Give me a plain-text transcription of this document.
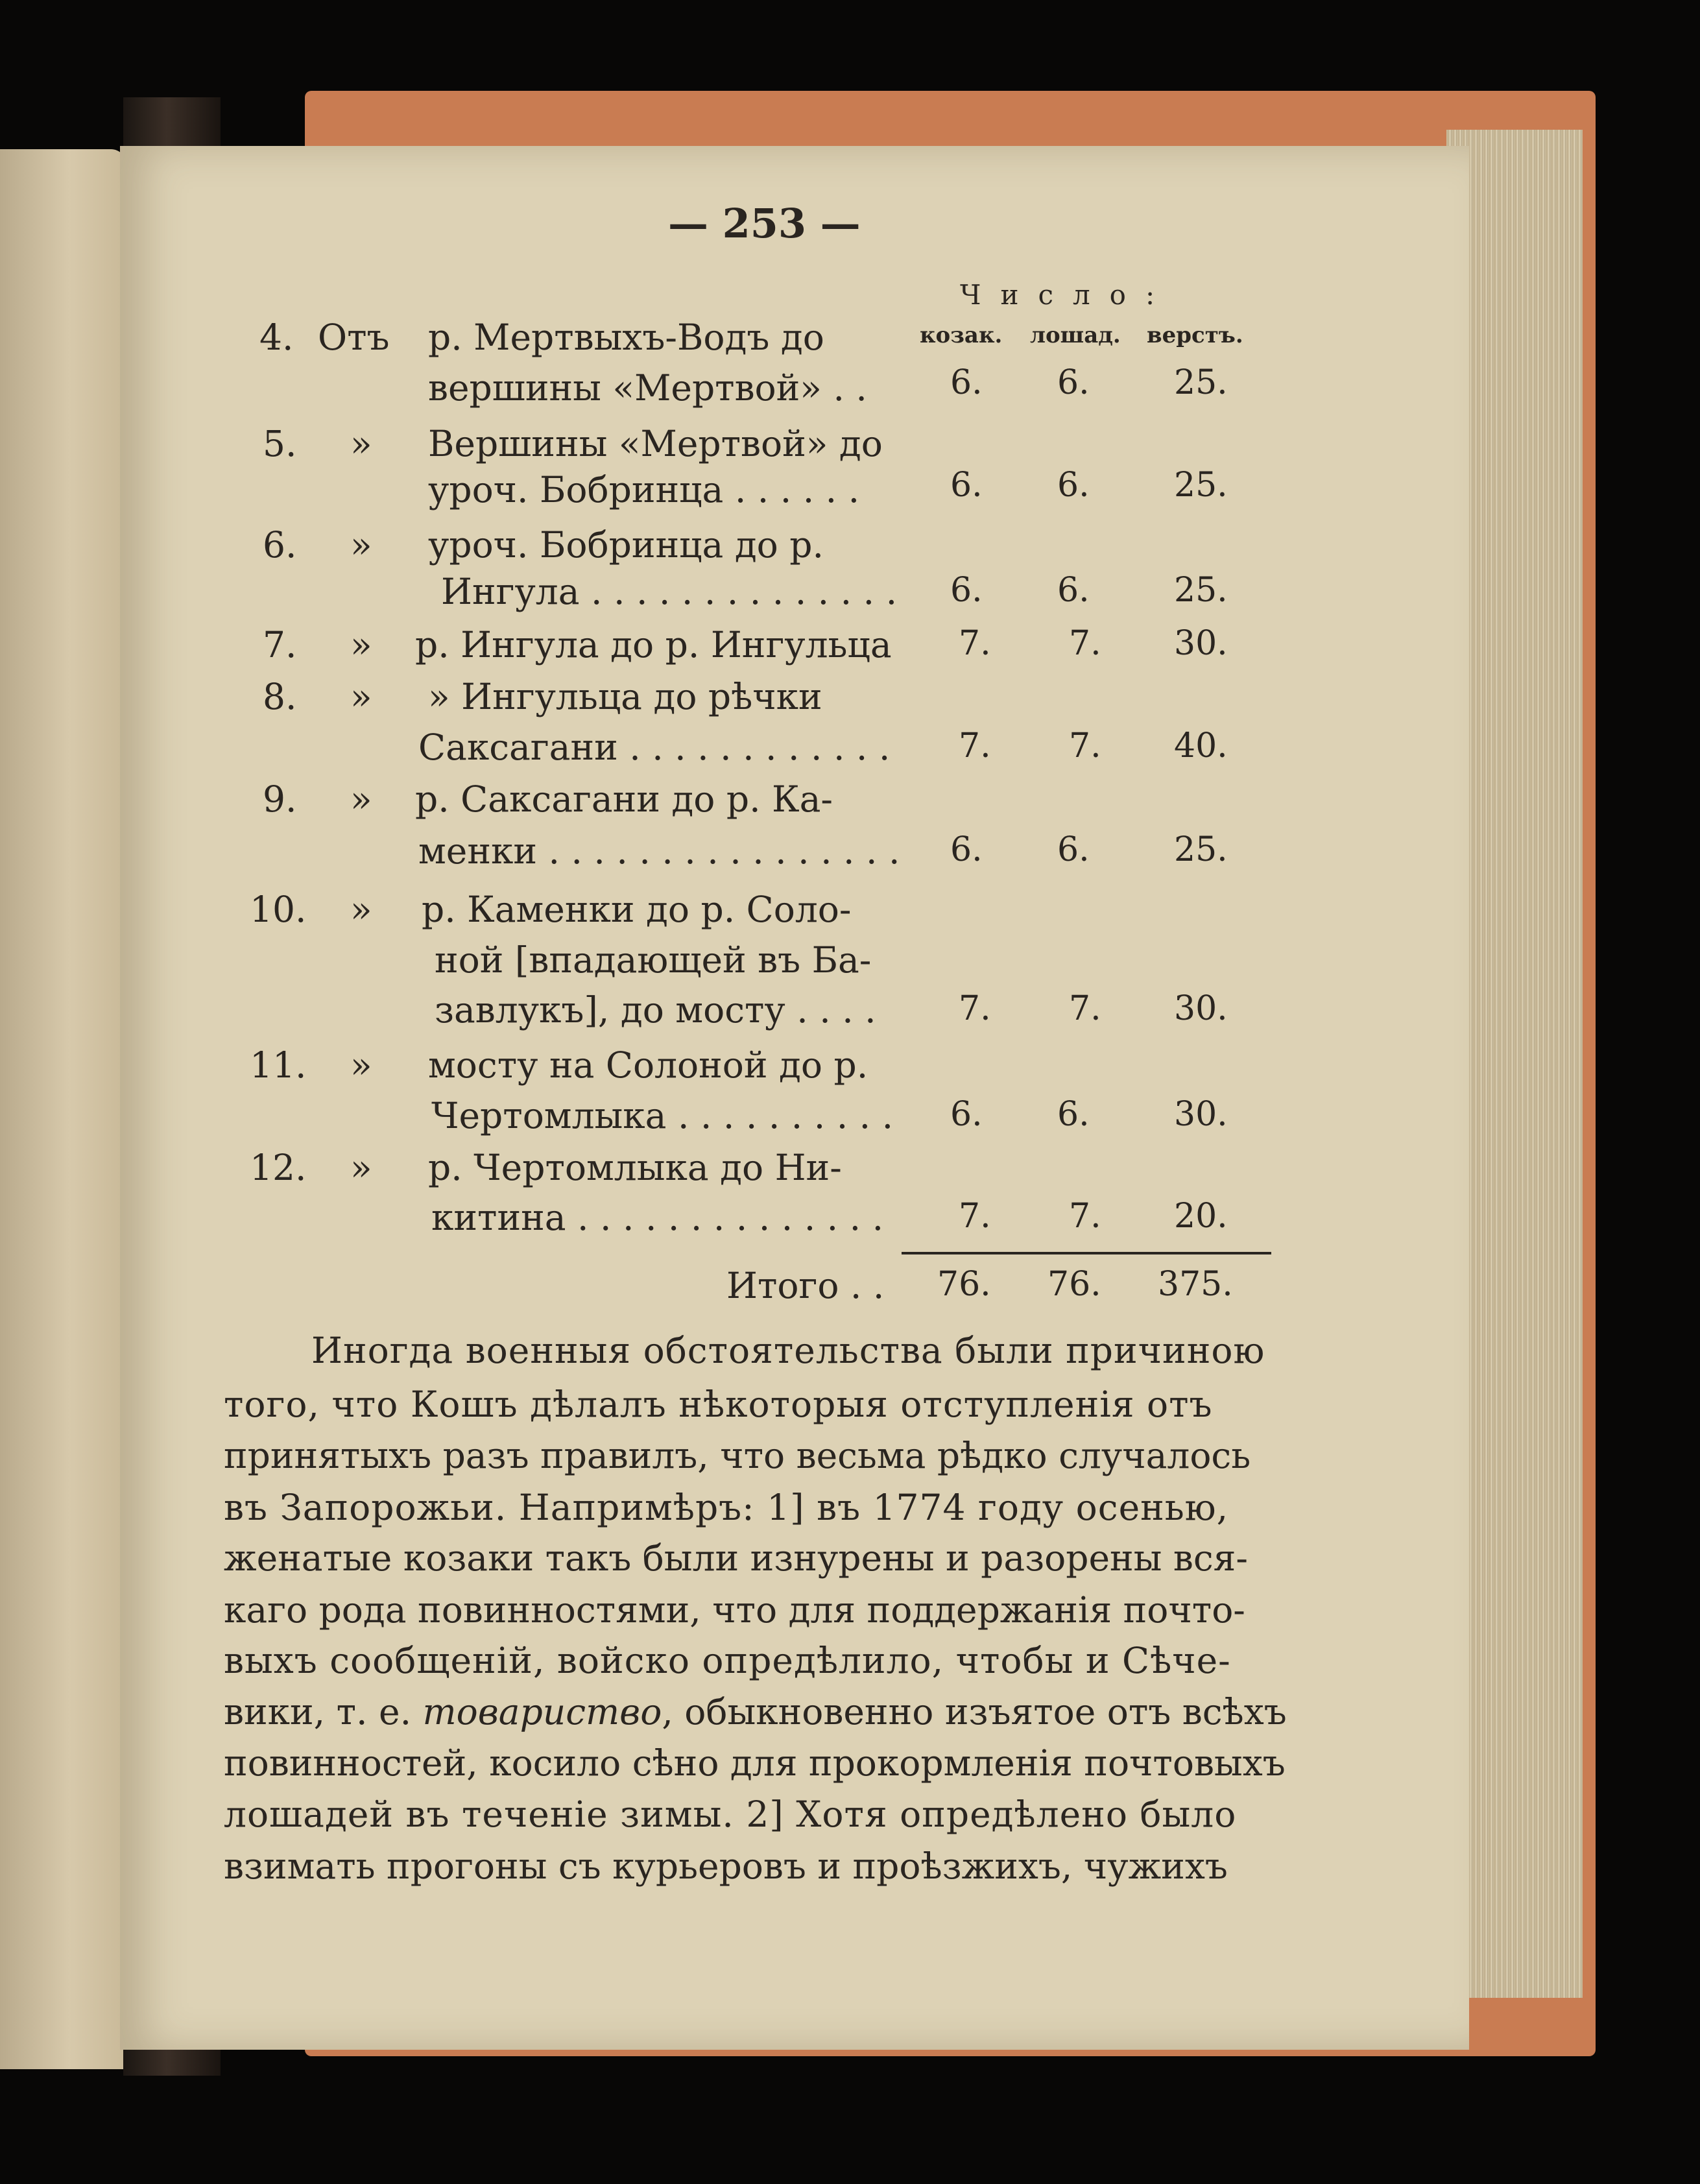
— 253 —
Число:
козак. лошад. верстъ.
4. Отъ р. Мертвыхъ-Водъ до
вершины «Мертвой» . . 6. 6.	25.
5. » Вершины «Мертвой» до
уроч. Бобринца . . . . . .	6. 6.	25.
6. » уроч. Бобринца до р.
Ингула . . . . . . . . . . . . . . 6. 6.	25.
7. » р. Ингула до р. Ингульца 7. 7. 30.
8. » » Ингульца до рѣчки
Саксагани . . . . . . . . . . . . 7. 7. 40.
9. » р. Саксагани до р. Ка-
менки . . . . . . . . . . . . . . . . 6. 6.	25.
10. » р. Каменки до р. Соло-
ной [впадающей въ Ба-
завлукъ], до мосту . . . . 7. 7. 30.
11. » мосту на Солоной до р.
Чертомлыка . . . . . . . . . . 6. 6.	30.
12. » р. Чертомлыка до Ни-
китина . . . . . . . . . . . . . . 7. 7. 20.
Итого . . 76. 76. 375.
Иногда военныя обстоятельства были причиною
того, что Кошъ дѣлалъ нѣкоторыя отступленія отъ
принятыхъ разъ правилъ, что весьма рѣдко случалось
въ Запорожьи. Напримѣръ: 1] въ 1774 году осенью,
женатые козаки такъ были изнурены и разорены вся-
каго рода повинностями, что для поддержанія почто-
выхъ сообщеній, войско опредѣлило, чтобы и Сѣче-
вики, т. е. товариство, обыкновенно изъятое отъ всѣхъ
повинностей, косило сѣно для прокормленія почтовыхъ
лошадей въ теченіе зимы. 2] Хотя опредѣлено было
взимать прогоны съ курьеровъ и проѣзжихъ, чужихъ
